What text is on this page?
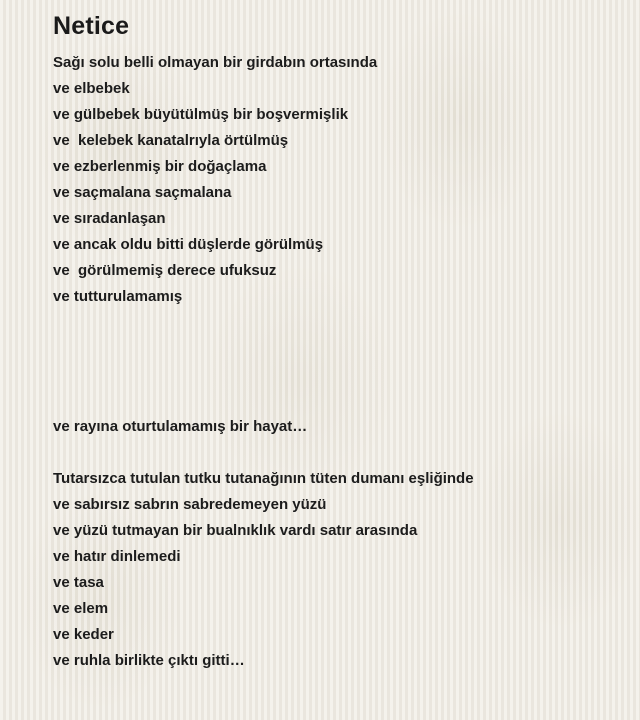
Netice
Sağı solu belli olmayan bir girdabın ortasında
ve elbebek
ve gülbebek büyütülmüş bir boşvermişlik
ve  kelebek kanatalrıyla örtülmüş
ve ezberlenmiş bir doğaçlama
ve saçmalana saçmalana
ve sıradanlaşan
ve ancak oldu bitti düşlerde görülmüş
ve  görülmemiş derece ufuksuz
ve tutturulamamış
ve rayına oturtulamamış bir hayat…
Tutarsızca tutulan tutku tutanağının tüten dumanı eşliğinde
ve sabırsız sabrın sabredemeyen yüzü
ve yüzü tutmayan bir bualnıklık vardı satır arasında
ve hatır dinlemedi
ve tasa
ve elem
ve keder
ve ruhla birlikte çıktı gitti…
